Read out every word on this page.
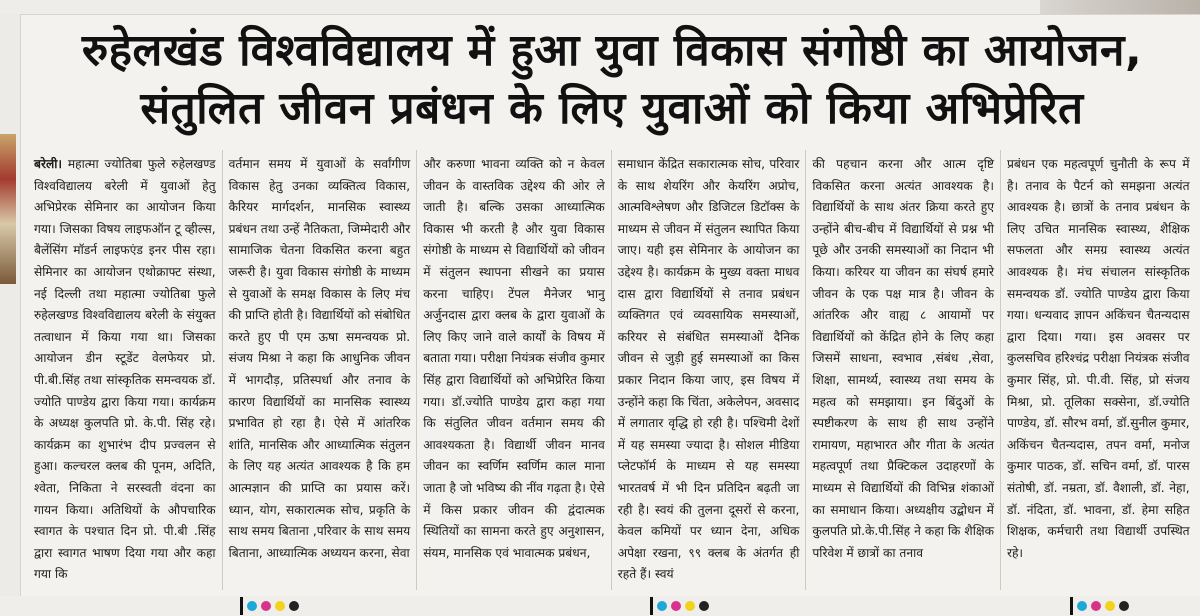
रुहेलखंड विश्वविद्यालय में हुआ युवा विकास संगोष्ठी का आयोजन,
संतुलित जीवन प्रबंधन के लिए युवाओं को किया अभिप्रेरित
बरेली। महात्मा ज्योतिबा फुले रुहेलखण्ड विश्वविद्यालय बरेली में युवाओं हेतु अभिप्रेरक सेमिनार का आयोजन किया गया। जिसका विषय लाइफऑन टू व्हील्स, बैलेंसिंग मॉडर्न लाइफएंड इनर पीस रहा। सेमिनार का आयोजन एथोक्राफ्ट संस्था, नई दिल्ली तथा महात्मा ज्योतिबा फुले रुहेलखण्ड विश्वविद्यालय बरेली के संयुक्त तत्वाधान में किया गया था। जिसका आयोजन डीन स्टूडेंट वेलफेयर प्रो. पी.बी.सिंह तथा सांस्कृतिक समन्वयक डॉ. ज्योति पाण्डेय द्वारा किया गया। कार्यक्रम के अध्यक्ष कुलपति प्रो. के.पी. सिंह रहे। कार्यक्रम का शुभारंभ दीप प्रज्वलन से हुआ। कल्चरल क्लब की पूनम, अदिति, श्वेता, निकिता ने सरस्वती वंदना का गायन किया। अतिथियों के औपचारिक स्वागत के पश्चात दिन प्रो. पी.बी .सिंह द्वारा स्वागत भाषण दिया गया और कहा गया कि
वर्तमान समय में युवाओं के सर्वांगीण विकास हेतु उनका व्यक्तित्व विकास, कैरियर मार्गदर्शन, मानसिक स्वास्थ्य प्रबंधन तथा उन्हें नैतिकता, जिम्मेदारी और सामाजिक चेतना विकसित करना बहुत जरूरी है। युवा विकास संगोष्ठी के माध्यम से युवाओं के समक्ष विकास के लिए मंच की प्राप्ति होती है। विद्यार्थियों को संबोधित करते हुए पी एम ऊषा समन्वयक प्रो. संजय मिश्रा ने कहा कि आधुनिक जीवन में भागदौड़, प्रतिस्पर्धा और तनाव के कारण विद्यार्थियों का मानसिक स्वास्थ्य प्रभावित हो रहा है। ऐसे में आंतरिक शांति, मानसिक और आध्यात्मिक संतुलन के लिए यह अत्यंत आवश्यक है कि हम आत्मज्ञान की प्राप्ति का प्रयास करें। ध्यान, योग, सकारात्मक सोच, प्रकृति के साथ समय बिताना ,परिवार के साथ समय बिताना, आध्यात्मिक अध्ययन करना, सेवा
और करुणा भावना व्यक्ति को न केवल जीवन के वास्तविक उद्देश्य की ओर ले जाती है। बल्कि उसका आध्यात्मिक विकास भी करती है और युवा विकास संगोष्ठी के माध्यम से विद्यार्थियों को जीवन में संतुलन स्थापना सीखने का प्रयास करना चाहिए। टेंपल मैनेजर भानु अर्जुनदास द्वारा क्लब के द्वारा युवाओं के लिए किए जाने वाले कार्यों के विषय में बताता गया। परीक्षा नियंत्रक संजीव कुमार सिंह द्वारा विद्यार्थियों को अभिप्रेरित किया गया। डॉ.ज्योति पाण्डेय द्वारा कहा गया कि संतुलित जीवन वर्तमान समय की आवश्यकता है। विद्यार्थी जीवन मानव जीवन का स्वर्णिम स्वर्णिम काल माना जाता है जो भविष्य की नींव गढ़ता है। ऐसे में किस प्रकार जीवन की द्वंदात्मक स्थितियों का सामना करते हुए अनुशासन, संयम, मानसिक एवं भावात्मक प्रबंधन,
समाधान केंद्रित सकारात्मक सोच, परिवार के साथ शेयरिंग और केयरिंग अप्रोच, आत्मविश्लेषण और डिजिटल डिटॉक्स के माध्यम से जीवन में संतुलन स्थापित किया जाए। यही इस सेमिनार के आयोजन का उद्देश्य है। कार्यक्रम के मुख्य वक्ता माधव दास द्वारा विद्यार्थियों से तनाव प्रबंधन व्यक्तिगत एवं व्यवसायिक समस्याओं, करियर से संबंधित समस्याओं दैनिक जीवन से जुड़ी हुई समस्याओं का किस प्रकार निदान किया जाए, इस विषय में उन्होंने कहा कि चिंता, अकेलेपन, अवसाद में लगातार वृद्धि हो रही है। पश्चिमी देशों में यह समस्या ज्यादा है। सोशल मीडिया प्लेटफॉर्म के माध्यम से यह समस्या भारतवर्ष में भी दिन प्रतिदिन बढ़ती जा रही है। स्वयं की तुलना दूसरों से करना, केवल कमियों पर ध्यान देना, अधिक अपेक्षा रखना, ९९ क्लब के अंतर्गत ही रहते हैं। स्वयं
की पहचान करना और आत्म दृष्टि विकसित करना अत्यंत आवश्यक है। विद्यार्थियों के साथ अंतर क्रिया करते हुए उन्होंने बीच-बीच में विद्यार्थियों से प्रश्न भी पूछे और उनकी समस्याओं का निदान भी किया। करियर या जीवन का संघर्ष हमारे जीवन के एक पक्ष मात्र है। जीवन के आंतरिक और वाह्य ८ आयामों पर विद्यार्थियों को केंद्रित होने के लिए कहा जिसमें साधना, स्वभाव ,संबंध ,सेवा, शिक्षा, सामर्थ्य, स्वास्थ्य तथा समय के महत्व को समझाया। इन बिंदुओं के स्पष्टीकरण के साथ ही साथ उन्होंने रामायण, महाभारत और गीता के अत्यंत महत्वपूर्ण तथा प्रैक्टिकल उदाहरणों के माध्यम से विद्यार्थियों की विभिन्न शंकाओं का समाधान किया। अध्यक्षीय उद्बोधन में कुलपति प्रो.के.पी.सिंह ने कहा कि शैक्षिक परिवेश में छात्रों का तनाव
प्रबंधन एक महत्वपूर्ण चुनौती के रूप में है। तनाव के पैटर्न को समझना अत्यंत आवश्यक है। छात्रों के तनाव प्रबंधन के लिए उचित मानसिक स्वास्थ्य, शैक्षिक सफलता और समग्र स्वास्थ्य अत्यंत आवश्यक है। मंच संचालन सांस्कृतिक समन्वयक डॉ. ज्योति पाण्डेय द्वारा किया गया। धन्यवाद ज्ञापन अकिंचन चैतन्यदास द्वारा दिया। गया। इस अवसर पर कुलसचिव हरिश्चंद्र परीक्षा नियंत्रक संजीव कुमार सिंह, प्रो. पी.वी. सिंह, प्रो संजय मिश्रा, प्रो. तूलिका सक्सेना, डॉ.ज्योति पाण्डेय, डॉ. सौरभ वर्मा, डॉ.सुनील कुमार, अकिंचन चैतन्यदास, तपन वर्मा, मनोज कुमार पाठक, डॉ. सचिन वर्मा, डॉ. पारस संतोषी, डॉ. नम्रता, डॉ. वैशाली, डॉ. नेहा, डॉ. नंदिता, डॉ. भावना, डॉ. हेमा सहित शिक्षक, कर्मचारी तथा विद्यार्थी उपस्थित रहे।
